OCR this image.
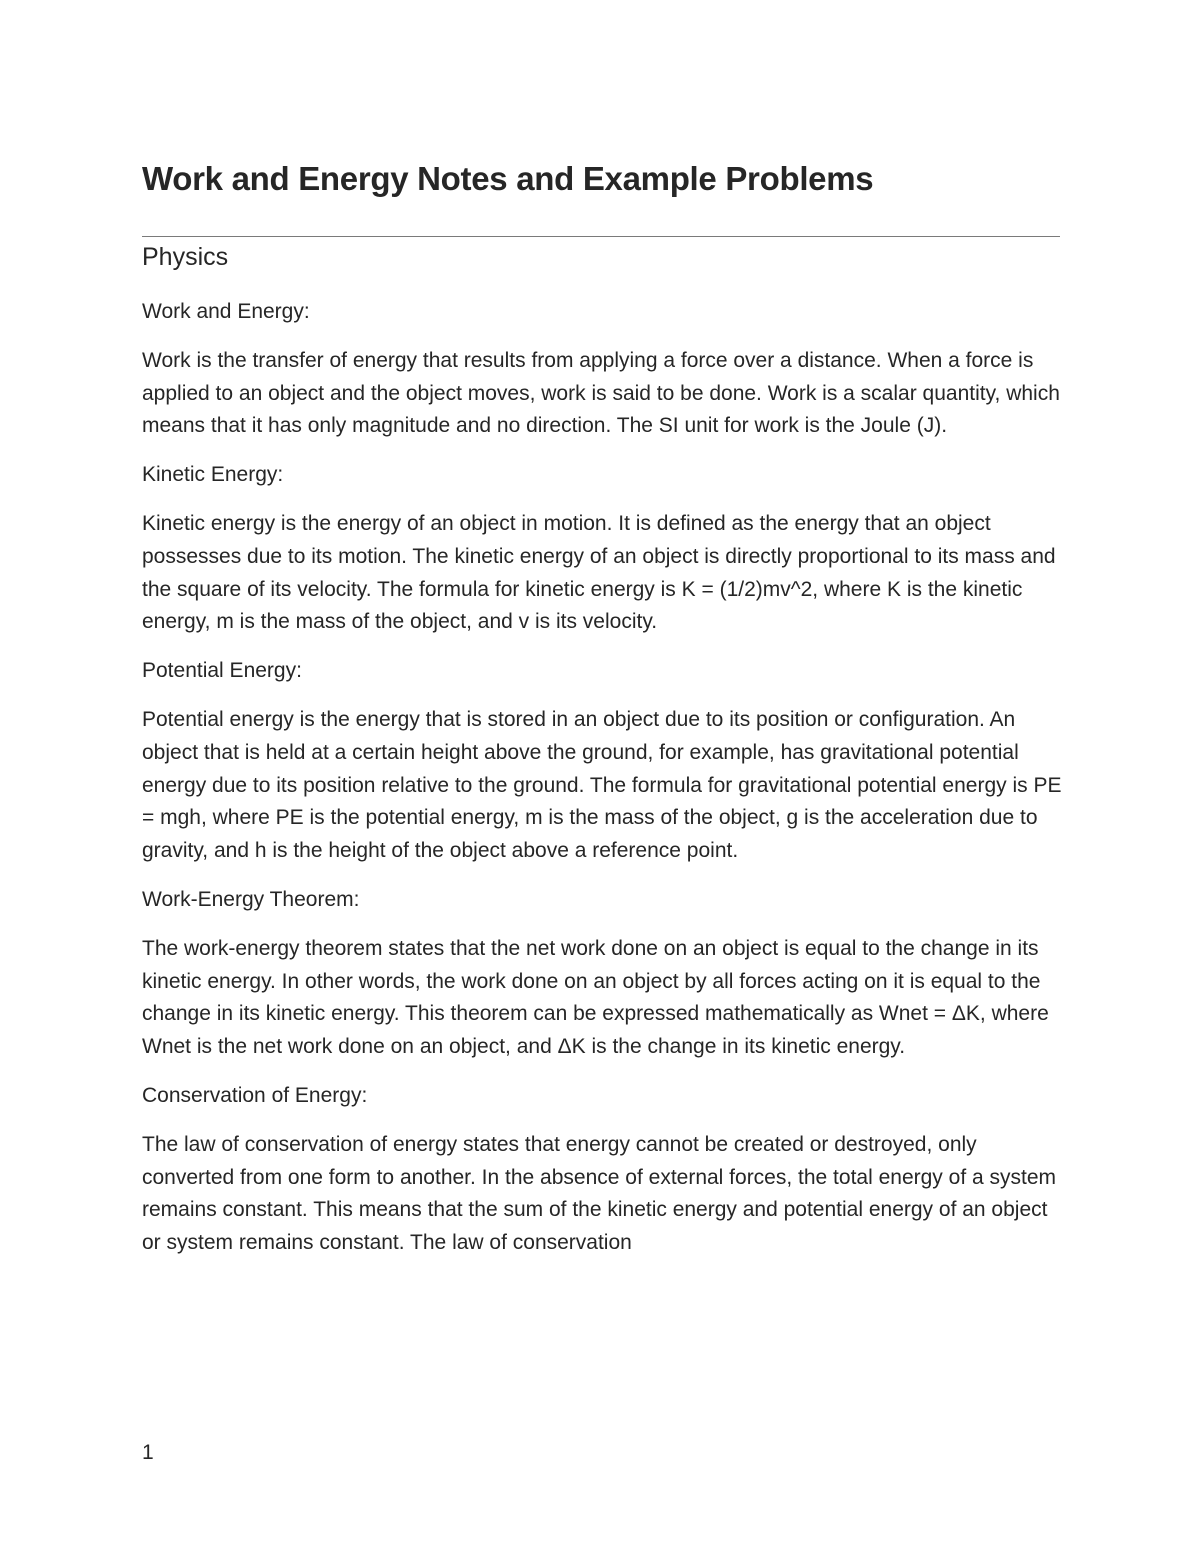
Work and Energy Notes and Example Problems
Physics

Work and Energy:

Work is the transfer of energy that results from applying a force over a distance. When a force is applied to an object and the object moves, work is said to be done. Work is a scalar quantity, which means that it has only magnitude and no direction. The SI unit for work is the Joule (J).

Kinetic Energy:

Kinetic energy is the energy of an object in motion. It is defined as the energy that an object possesses due to its motion. The kinetic energy of an object is directly proportional to its mass and the square of its velocity. The formula for kinetic energy is K = (1/2)mv^2, where K is the kinetic energy, m is the mass of the object, and v is its velocity.

Potential Energy:

Potential energy is the energy that is stored in an object due to its position or configuration. An object that is held at a certain height above the ground, for example, has gravitational potential energy due to its position relative to the ground. The formula for gravitational potential energy is PE = mgh, where PE is the potential energy, m is the mass of the object, g is the acceleration due to gravity, and h is the height of the object above a reference point.

Work-Energy Theorem:

The work-energy theorem states that the net work done on an object is equal to the change in its kinetic energy. In other words, the work done on an object by all forces acting on it is equal to the change in its kinetic energy. This theorem can be expressed mathematically as Wnet = ΔK, where Wnet is the net work done on an object, and ΔK is the change in its kinetic energy.

Conservation of Energy:

The law of conservation of energy states that energy cannot be created or destroyed, only converted from one form to another. In the absence of external forces, the total energy of a system remains constant. This means that the sum of the kinetic energy and potential energy of an object or system remains constant. The law of conservation

1
